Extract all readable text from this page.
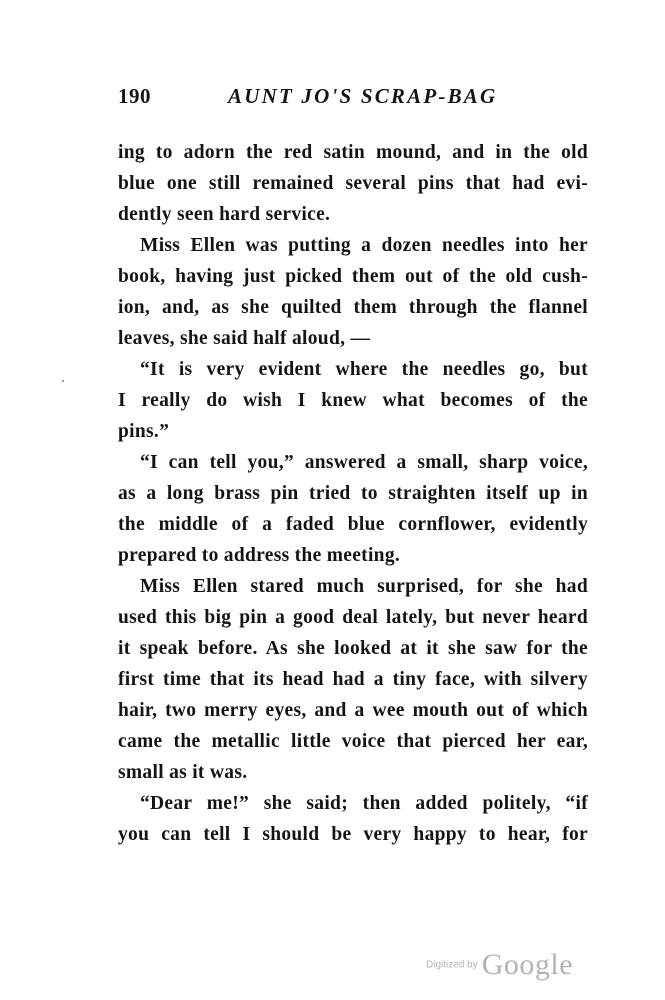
190	AUNT JO'S SCRAP-BAG
ing to adorn the red satin mound, and in the old
blue one still remained several pins that had evi-
dently seen hard service.
Miss Ellen was putting a dozen needles into her
book, having just picked them out of the old cush-
ion, and, as she quilted them through the flannel
leaves, she said half aloud, —
“It is very evident where the needles go, but
I really do wish I knew what becomes of the
pins.”
“I can tell you,” answered a small, sharp voice,
as a long brass pin tried to straighten itself up in
the middle of a faded blue cornflower, evidently
prepared to address the meeting.
Miss Ellen stared much surprised, for she had
used this big pin a good deal lately, but never heard
it speak before. As she looked at it she saw for the
first time that its head had a tiny face, with silvery
hair, two merry eyes, and a wee mouth out of which
came the metallic little voice that pierced her ear,
small as it was.
“Dear me!” she said; then added politely, “if
you can tell I should be very happy to hear, for
Digitized by Google
